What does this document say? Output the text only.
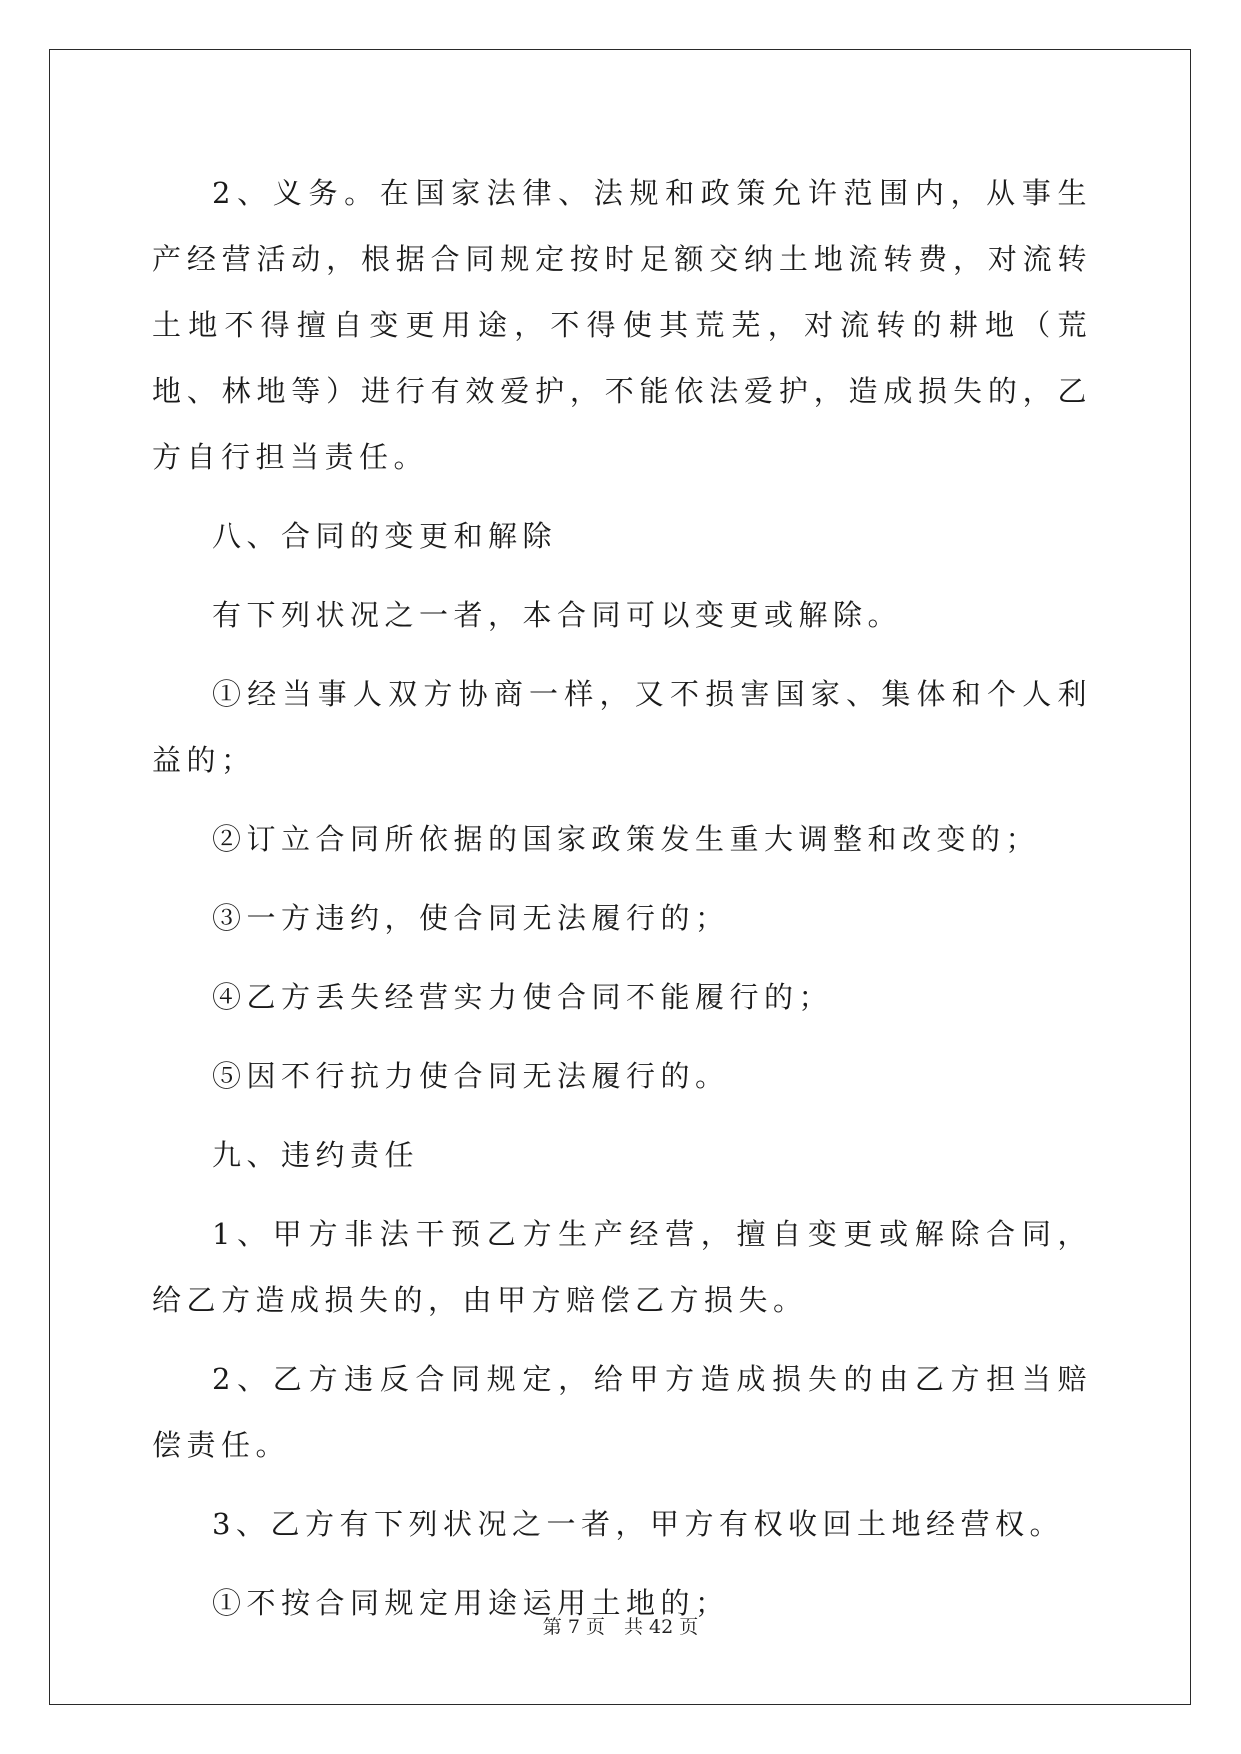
2、义务。在国家法律、法规和政策允许范围内，从事生产经营活动，根据合同规定按时足额交纳土地流转费，对流转土地不得擅自变更用途，不得使其荒芜，对流转的耕地（荒地、林地等）进行有效爱护，不能依法爱护，造成损失的，乙方自行担当责任。

八、合同的变更和解除

有下列状况之一者，本合同可以变更或解除。

①经当事人双方协商一样，又不损害国家、集体和个人利益的；

②订立合同所依据的国家政策发生重大调整和改变的；

③一方违约，使合同无法履行的；

④乙方丢失经营实力使合同不能履行的；

⑤因不行抗力使合同无法履行的。

九、违约责任

1、甲方非法干预乙方生产经营，擅自变更或解除合同，给乙方造成损失的，由甲方赔偿乙方损失。

2、乙方违反合同规定，给甲方造成损失的由乙方担当赔偿责任。

3、乙方有下列状况之一者，甲方有权收回土地经营权。

①不按合同规定用途运用土地的；

第 7 页　共 42 页
